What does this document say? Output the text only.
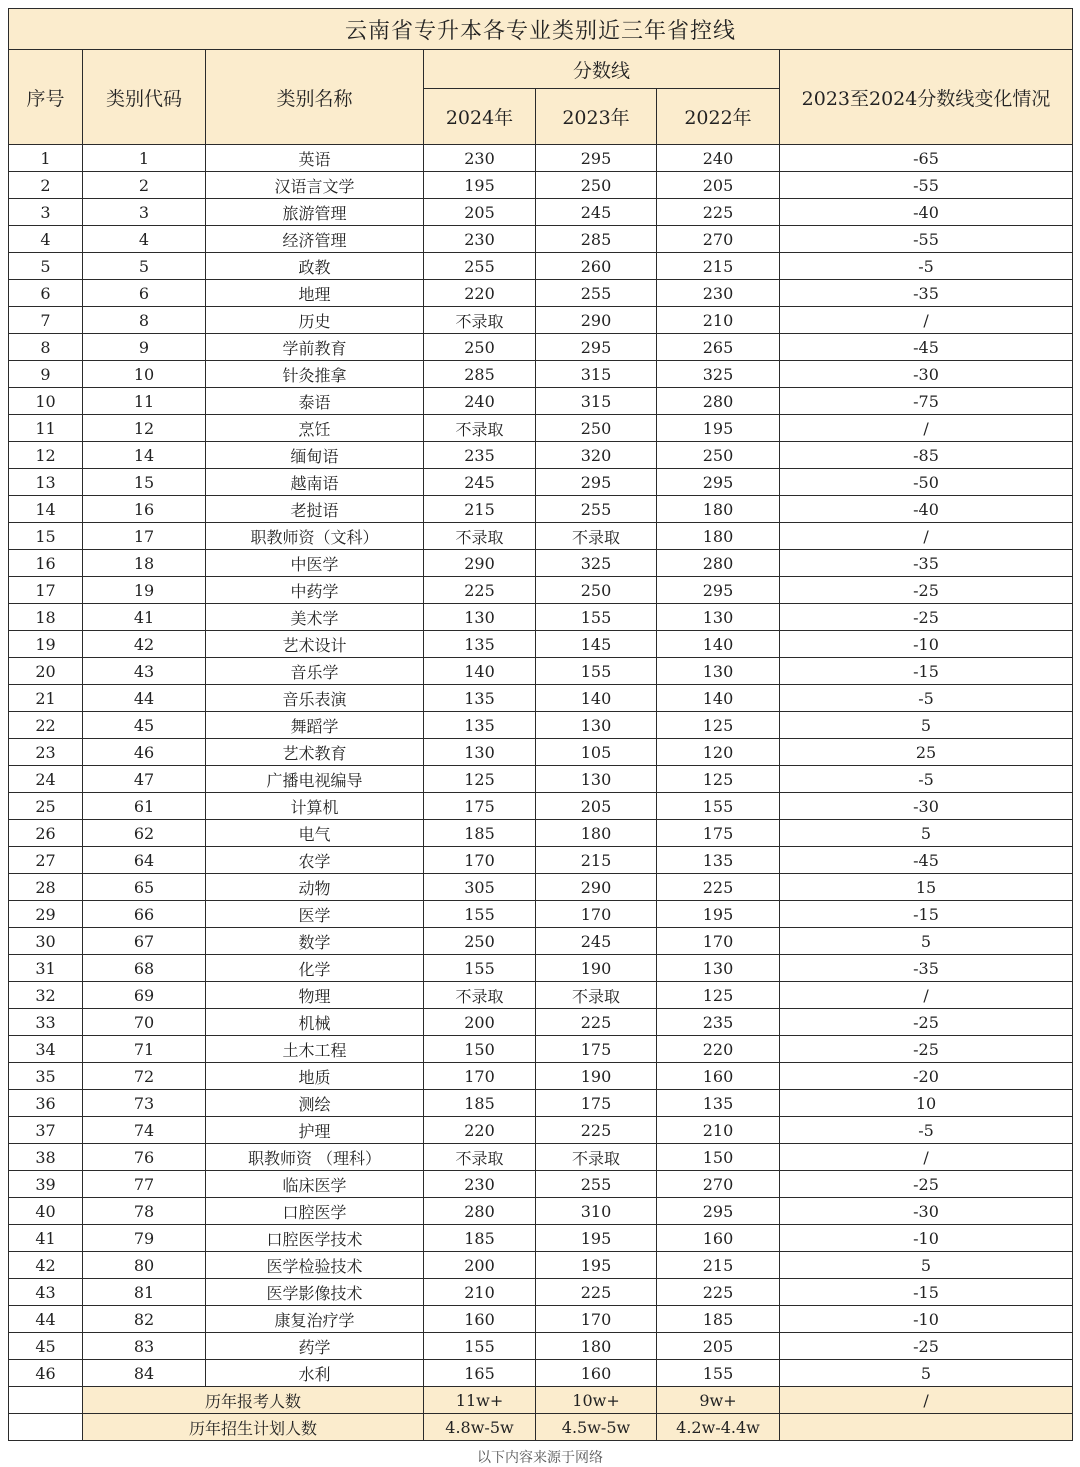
云南省专升本各专业类别近三年省控线						
序号	类别代码	类别名称	分数线			2023至2024分数线变化情况
			2024年	2023年	2022年	
1	1	英语	230	295	240	-65
2	2	汉语言文学	195	250	205	-55
3	3	旅游管理	205	245	225	-40
4	4	经济管理	230	285	270	-55
5	5	政教	255	260	215	-5
6	6	地理	220	255	230	-35
7	8	历史	不录取	290	210	/
8	9	学前教育	250	295	265	-45
9	10	针灸推拿	285	315	325	-30
10	11	泰语	240	315	280	-75
11	12	烹饪	不录取	250	195	/
12	14	缅甸语	235	320	250	-85
13	15	越南语	245	295	295	-50
14	16	老挝语	215	255	180	-40
15	17	职教师资（文科）	不录取	不录取	180	/
16	18	中医学	290	325	280	-35
17	19	中药学	225	250	295	-25
18	41	美术学	130	155	130	-25
19	42	艺术设计	135	145	140	-10
20	43	音乐学	140	155	130	-15
21	44	音乐表演	135	140	140	-5
22	45	舞蹈学	135	130	125	5
23	46	艺术教育	130	105	120	25
24	47	广播电视编导	125	130	125	-5
25	61	计算机	175	205	155	-30
26	62	电气	185	180	175	5
27	64	农学	170	215	135	-45
28	65	动物	305	290	225	15
29	66	医学	155	170	195	-15
30	67	数学	250	245	170	5
31	68	化学	155	190	130	-35
32	69	物理	不录取	不录取	125	/
33	70	机械	200	225	235	-25
34	71	土木工程	150	175	220	-25
35	72	地质	170	190	160	-20
36	73	测绘	185	175	135	10
37	74	护理	220	225	210	-5
38	76	职教师资 （理科）	不录取	不录取	150	/
39	77	临床医学	230	255	270	-25
40	78	口腔医学	280	310	295	-30
41	79	口腔医学技术	185	195	160	-10
42	80	医学检验技术	200	195	215	5
43	81	医学影像技术	210	225	225	-15
44	82	康复治疗学	160	170	185	-10
45	83	药学	155	180	205	-25
46	84	水利	165	160	155	5
	历年报考人数		11w+	10w+	9w+	/
	历年招生计划人数		4.8w-5w	4.5w-5w	4.2w-4.4w	
以下内容来源于网络
